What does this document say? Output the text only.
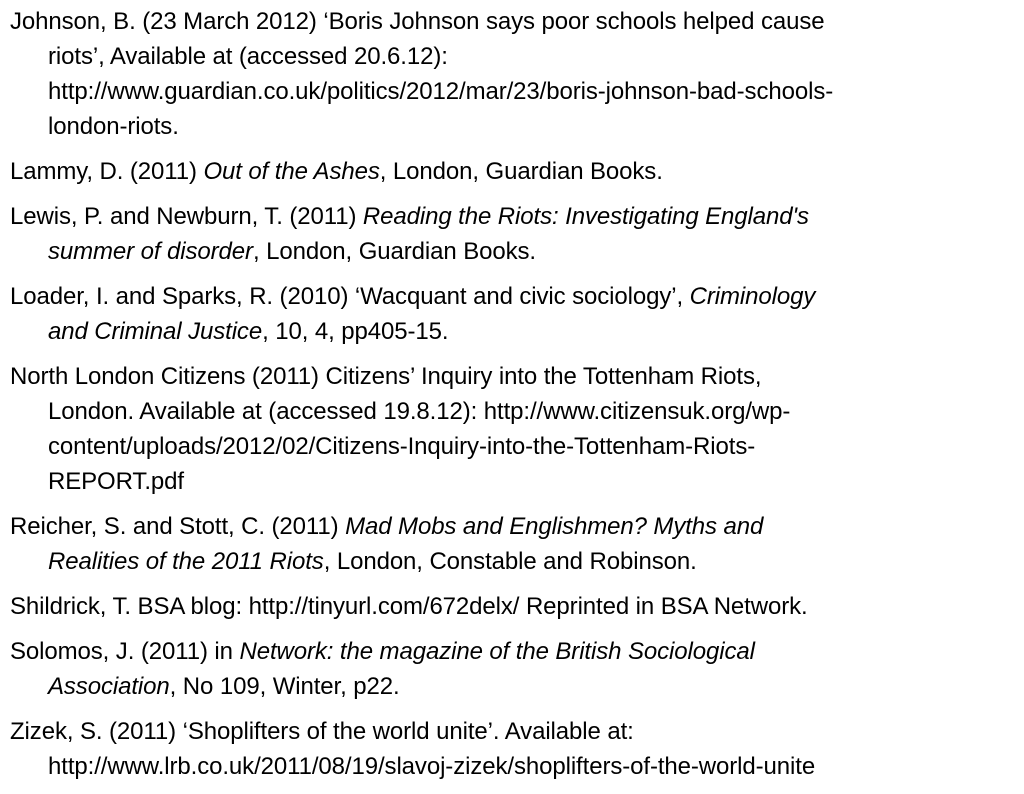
Johnson, B. (23 March 2012) ‘Boris Johnson says poor schools helped cause
riots’, Available at (accessed 20.6.12):
http://www.guardian.co.uk/politics/2012/mar/23/boris-johnson-bad-schools-
london-riots.

Lammy, D. (2011) Out of the Ashes, London, Guardian Books.

Lewis, P. and Newburn, T. (2011) Reading the Riots: Investigating England's
summer of disorder, London, Guardian Books.

Loader, I. and Sparks, R. (2010) ‘Wacquant and civic sociology’, Criminology
and Criminal Justice, 10, 4, pp405-15.

North London Citizens (2011) Citizens’ Inquiry into the Tottenham Riots,
London. Available at (accessed 19.8.12): http://www.citizensuk.org/wp-
content/uploads/2012/02/Citizens-Inquiry-into-the-Tottenham-Riots-
REPORT.pdf

Reicher, S. and Stott, C. (2011) Mad Mobs and Englishmen? Myths and
Realities of the 2011 Riots, London, Constable and Robinson.

Shildrick, T. BSA blog: http://tinyurl.com/672delx/ Reprinted in BSA Network.

Solomos, J. (2011) in Network: the magazine of the British Sociological
Association, No 109, Winter, p22.

Zizek, S. (2011) ‘Shoplifters of the world unite’. Available at:
http://www.lrb.co.uk/2011/08/19/slavoj-zizek/shoplifters-of-the-world-unite
